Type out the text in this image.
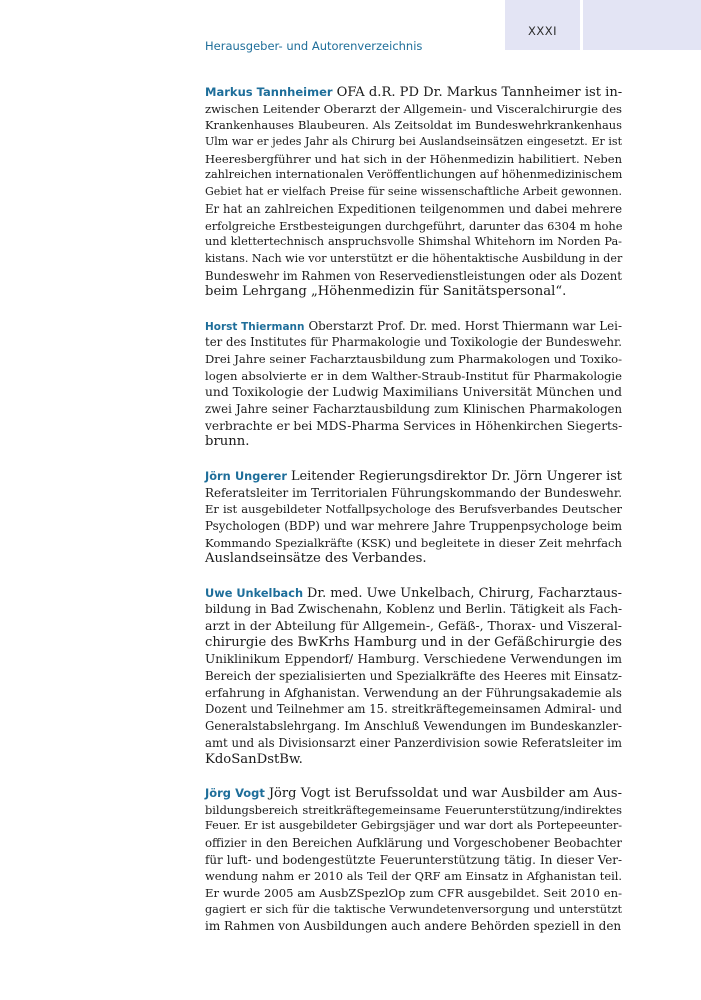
XXXI
Herausgeber- und Autorenverzeichnis
Markus Tannheimer OFA d.R. PD Dr. Markus Tannheimer ist in-
zwischen Leitender Oberarzt der Allgemein- und Visceralchirurgie des
Krankenhauses Blaubeuren. Als Zeitsoldat im Bundeswehrkrankenhaus
Ulm war er jedes Jahr als Chirurg bei Auslandseinsätzen eingesetzt. Er ist
Heeresbergführer und hat sich in der Höhenmedizin habilitiert. Neben
zahlreichen internationalen Veröffentlichungen auf höhenmedizinischem
Gebiet hat er vielfach Preise für seine wissenschaftliche Arbeit gewonnen.
Er hat an zahlreichen Expeditionen teilgenommen und dabei mehrere
erfolgreiche Erstbesteigungen durchgeführt, darunter das 6304 m hohe
und klettertechnisch anspruchsvolle Shimshal Whitehorn im Norden Pa-
kistans. Nach wie vor unterstützt er die höhentaktische Ausbildung in der
Bundeswehr im Rahmen von Reservedienstleistungen oder als Dozent
beim Lehrgang „Höhenmedizin für Sanitätspersonal“.
Horst Thiermann Oberstarzt Prof. Dr. med. Horst Thiermann war Lei-
ter des Institutes für Pharmakologie und Toxikologie der Bundeswehr.
Drei Jahre seiner Facharztausbildung zum Pharmakologen und Toxiko-
logen absolvierte er in dem Walther-Straub-Institut für Pharmakologie
und Toxikologie der Ludwig Maximilians Universität München und
zwei Jahre seiner Facharztausbildung zum Klinischen Pharmakologen
verbrachte er bei MDS-Pharma Services in Höhenkirchen Siegerts-
brunn.
Jörn Ungerer Leitender Regierungsdirektor Dr. Jörn Ungerer ist
Referatsleiter im Territorialen Führungskommando der Bundeswehr.
Er ist ausgebildeter Notfallpsychologe des Berufsverbandes Deutscher
Psychologen (BDP) und war mehrere Jahre Truppenpsychologe beim
Kommando Spezialkräfte (KSK) und begleitete in dieser Zeit mehrfach
Auslandseinsätze des Verbandes.
Uwe Unkelbach Dr. med. Uwe Unkelbach, Chirurg, Facharztaus-
bildung in Bad Zwischenahn, Koblenz und Berlin. Tätigkeit als Fach-
arzt in der Abteilung für Allgemein-, Gefäß-, Thorax- und Viszeral-
chirurgie des BwKrhs Hamburg und in der Gefäßchirurgie des
Uniklinikum Eppendorf/ Hamburg. Verschiedene Verwendungen im
Bereich der spezialisierten und Spezialkräfte des Heeres mit Einsatz-
erfahrung in Afghanistan. Verwendung an der Führungsakademie als
Dozent und Teilnehmer am 15. streitkräftegemeinsamen Admiral- und
Generalstabslehrgang. Im Anschluß Vewendungen im Bundeskanzler-
amt und als Divisionsarzt einer Panzerdivision sowie Referatsleiter im
KdoSanDstBw.
Jörg Vogt Jörg Vogt ist Berufssoldat und war Ausbilder am Aus-
bildungsbereich streitkräftegemeinsame Feuerunterstützung/indirektes
Feuer. Er ist ausgebildeter Gebirgsjäger und war dort als Portepeeunter-
offizier in den Bereichen Aufklärung und Vorgeschobener Beobachter
für luft- und bodengestützte Feuerunterstützung tätig. In dieser Ver-
wendung nahm er 2010 als Teil der QRF am Einsatz in Afghanistan teil.
Er wurde 2005 am AusbZSpezlOp zum CFR ausgebildet. Seit 2010 en-
gagiert er sich für die taktische Verwundetenversorgung und unterstützt
im Rahmen von Ausbildungen auch andere Behörden speziell in den
